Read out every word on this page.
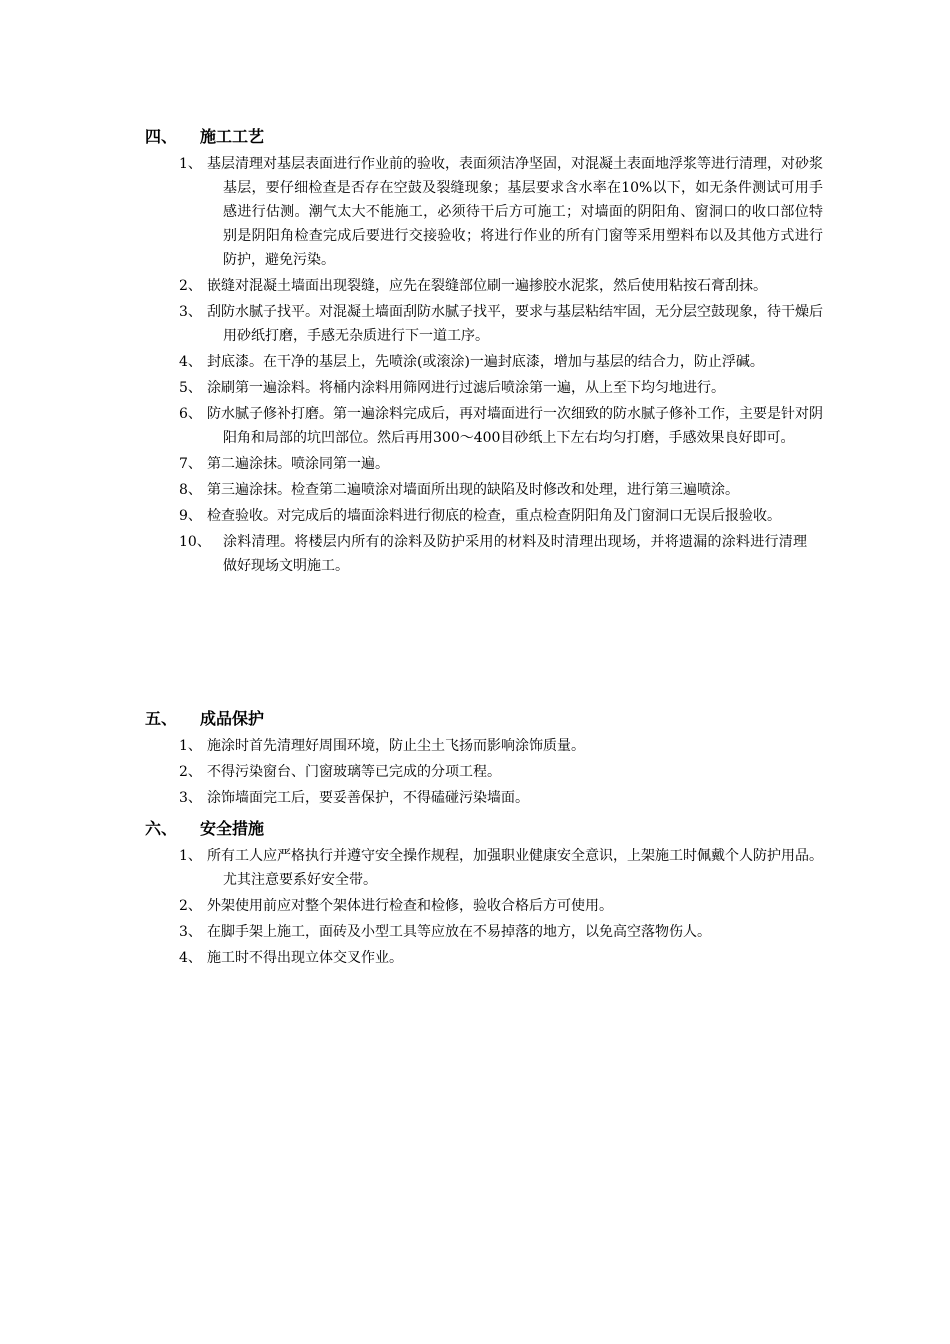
四、 施工工艺
1、 基层清理对基层表面进行作业前的验收，表面须洁净坚固，对混凝土表面地浮浆等进行清理，对砂浆基层，要仔细检查是否存在空鼓及裂缝现象；基层要求含水率在10%以下，如无条件测试可用手感进行估测。潮气太大不能施工，必须待干后方可施工；对墙面的阴阳角、窗洞口的收口部位特别是阴阳角检查完成后要进行交接验收；将进行作业的所有门窗等采用塑料布以及其他方式进行防护，避免污染。
2、 嵌缝对混凝土墙面出现裂缝，应先在裂缝部位刷一遍掺胶水泥浆，然后使用粘按石膏刮抹。
3、 刮防水腻子找平。对混凝土墙面刮防水腻子找平，要求与基层粘结牢固，无分层空鼓现象，待干燥后用砂纸打磨，手感无杂质进行下一道工序。
4、 封底漆。在干净的基层上，先喷涂(或滚涂)一遍封底漆，增加与基层的结合力，防止浮碱。
5、 涂刷第一遍涂料。将桶内涂料用筛网进行过滤后喷涂第一遍，从上至下均匀地进行。
6、 防水腻子修补打磨。第一遍涂料完成后，再对墙面进行一次细致的防水腻子修补工作，主要是针对阴阳角和局部的坑凹部位。然后再用300～400目砂纸上下左右均匀打磨，手感效果良好即可。
7、 第二遍涂抹。喷涂同第一遍。
8、 第三遍涂抹。检查第二遍喷涂对墙面所出现的缺陷及时修改和处理，进行第三遍喷涂。
9、 检查验收。对完成后的墙面涂料进行彻底的检查，重点检查阴阳角及门窗洞口无误后报验收。
10、 涂料清理。将楼层内所有的涂料及防护采用的材料及时清理出现场，并将遗漏的涂料进行清理做好现场文明施工。
五、 成品保护
1、 施涂时首先清理好周围环境，防止尘土飞扬而影响涂饰质量。
2、 不得污染窗台、门窗玻璃等已完成的分项工程。
3、 涂饰墙面完工后，要妥善保护，不得磕碰污染墙面。
六、 安全措施
1、 所有工人应严格执行并遵守安全操作规程，加强职业健康安全意识，上架施工时佩戴个人防护用品。尤其注意要系好安全带。
2、 外架使用前应对整个架体进行检查和检修，验收合格后方可使用。
3、 在脚手架上施工，面砖及小型工具等应放在不易掉落的地方，以免高空落物伤人。
4、 施工时不得出现立体交叉作业。
